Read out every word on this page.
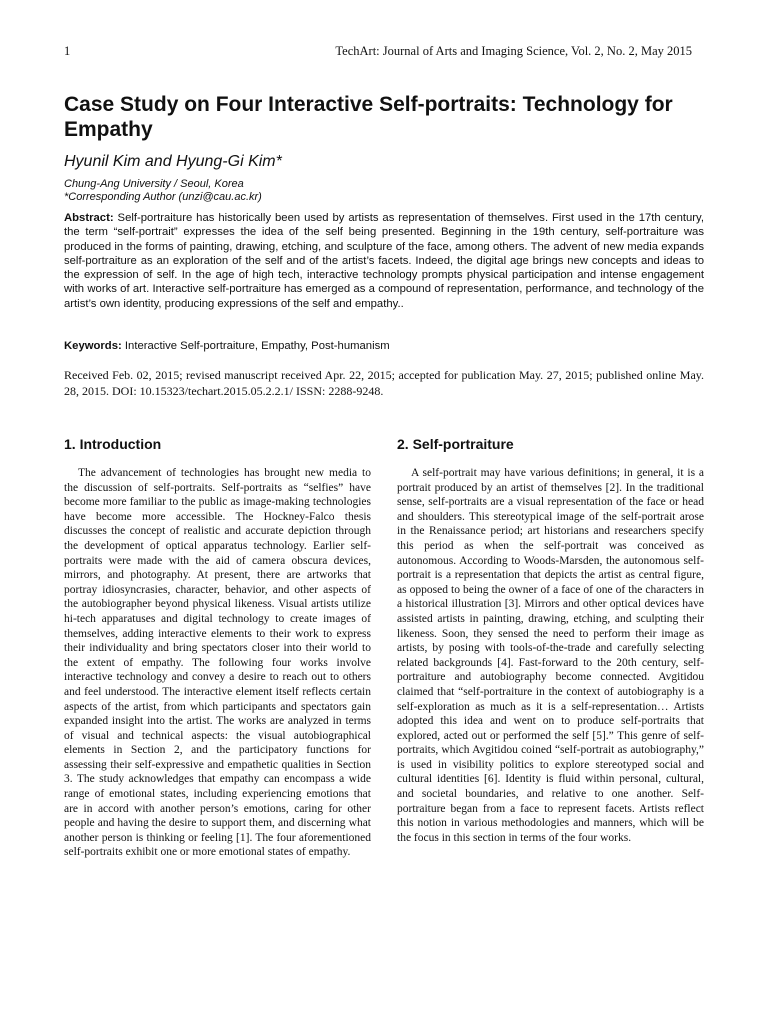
1	TechArt: Journal of Arts and Imaging Science, Vol. 2, No. 2, May 2015
Case Study on Four Interactive Self-portraits: Technology for Empathy
Hyunil Kim and Hyung-Gi Kim*
Chung-Ang University / Seoul, Korea
*Corresponding Author (unzi@cau.ac.kr)

Abstract: Self-portraiture has historically been used by artists as representation of themselves. First used in the 17th century, the term “self-portrait” expresses the idea of the self being presented. Beginning in the 19th century, self-portraiture was produced in the forms of painting, drawing, etching, and sculpture of the face, among others. The advent of new media expands self-portraiture as an exploration of the self and of the artist’s facets. Indeed, the digital age brings new concepts and ideas to the expression of self. In the age of high tech, interactive technology prompts physical participation and intense engagement with works of art. Interactive self-portraiture has emerged as a compound of representation, performance, and technology of the artist’s own identity, producing expressions of the self and empathy..

Keywords: Interactive Self-portraiture, Empathy, Post-humanism

Received Feb. 02, 2015; revised manuscript received Apr. 22, 2015; accepted for publication May. 27, 2015; published online May. 28, 2015. DOI: 10.15323/techart.2015.05.2.2.1/ ISSN: 2288-9248.

1. Introduction

The advancement of technologies has brought new media to the discussion of self-portraits. Self-portraits as “selfies” have become more familiar to the public as image-making technologies have become more accessible. The Hockney-Falco thesis discusses the concept of realistic and accurate depiction through the development of optical apparatus technology. Earlier self-portraits were made with the aid of camera obscura devices, mirrors, and photography. At present, there are artworks that portray idiosyncrasies, character, behavior, and other aspects of the autobiographer beyond physical likeness. Visual artists utilize hi-tech apparatuses and digital technology to create images of themselves, adding interactive elements to their work to express their individuality and bring spectators closer into their world to the extent of empathy. The following four works involve interactive technology and convey a desire to reach out to others and feel understood. The interactive element itself reflects certain aspects of the artist, from which participants and spectators gain expanded insight into the artist. The works are analyzed in terms of visual and technical aspects: the visual autobiographical elements in Section 2, and the participatory functions for assessing their self-expressive and empathetic qualities in Section 3. The study acknowledges that empathy can encompass a wide range of emotional states, including experiencing emotions that are in accord with another person’s emotions, caring for other people and having the desire to support them, and discerning what another person is thinking or feeling [1]. The four aforementioned self-portraits exhibit one or more emotional states of empathy.

2. Self-portraiture

A self-portrait may have various definitions; in general, it is a portrait produced by an artist of themselves [2]. In the traditional sense, self-portraits are a visual representation of the face or head and shoulders. This stereotypical image of the self-portrait arose in the Renaissance period; art historians and researchers specify this period as when the self-portrait was conceived as autonomous. According to Woods-Marsden, the autonomous self-portrait is a representation that depicts the artist as central figure, as opposed to being the owner of a face of one of the characters in a historical illustration [3]. Mirrors and other optical devices have assisted artists in painting, drawing, etching, and sculpting their likeness. Soon, they sensed the need to perform their image as artists, by posing with tools-of-the-trade and carefully selecting related backgrounds [4]. Fast-forward to the 20th century, self-portraiture and autobiography become connected. Avgitidou claimed that “self-portraiture in the context of autobiography is a self-exploration as much as it is a self-representation… Artists adopted this idea and went on to produce self-portraits that explored, acted out or performed the self [5].” This genre of self-portraits, which Avgitidou coined “self-portrait as autobiography,” is used in visibility politics to explore stereotyped social and cultural identities [6]. Identity is fluid within personal, cultural, and societal boundaries, and relative to one another. Self-portraiture began from a face to represent facets. Artists reflect this notion in various methodologies and manners, which will be the focus in this section in terms of the four works.
